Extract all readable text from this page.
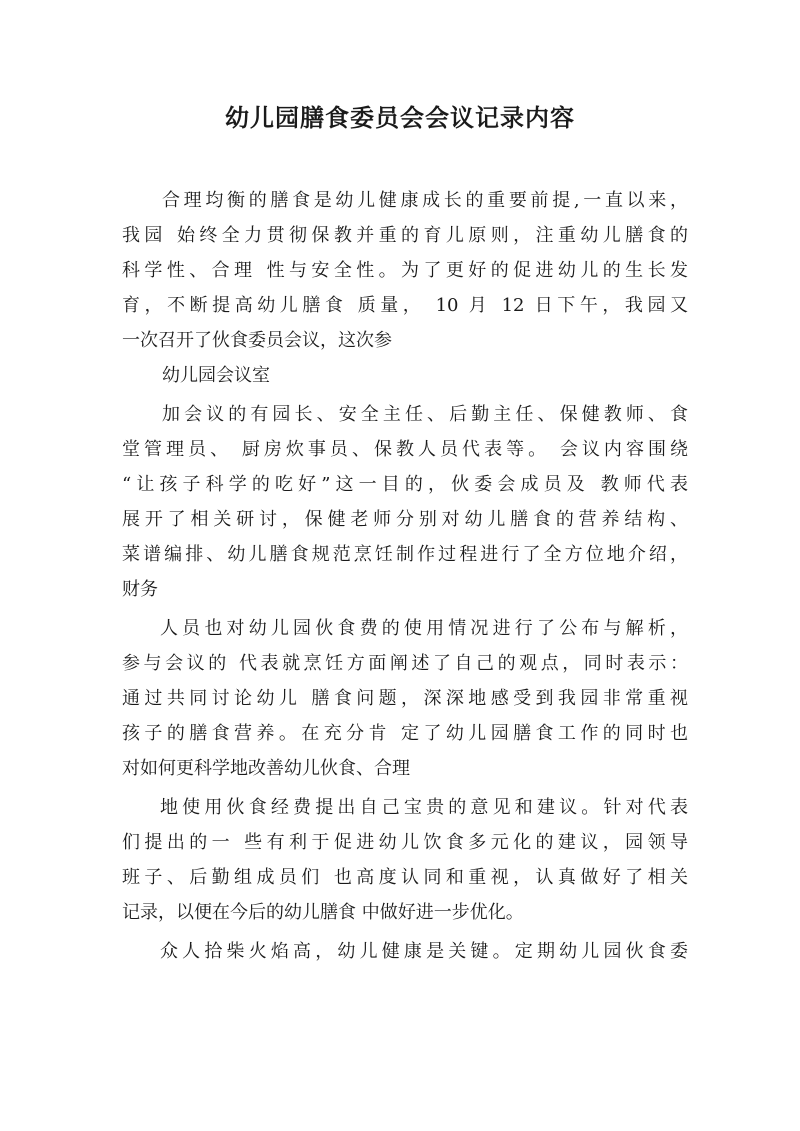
幼儿园膳食委员会会议记录内容
合理均衡的膳食是幼儿健康成长的重要前提,一直以来，
我园 始终全力贯彻保教并重的育儿原则，注重幼儿膳食的
科学性、合理 性与安全性。为了更好的促进幼儿的生长发
育，不断提高幼儿膳食 质量， 10 月 12 日下午，我园又
一次召开了伙食委员会议，这次参
幼儿园会议室
加会议的有园长、安全主任、后勤主任、保健教师、食
堂管理员、 厨房炊事员、保教人员代表等。 会议内容围绕
“让孩子科学的吃好”这一目的，伙委会成员及 教师代表
展开了相关研讨，保健老师分别对幼儿膳食的营养结构、
菜谱编排、幼儿膳食规范烹饪制作过程进行了全方位地介绍，
财务
人员也对幼儿园伙食费的使用情况进行了公布与解析，
参与会议的 代表就烹饪方面阐述了自己的观点，同时表示：
通过共同讨论幼儿 膳食问题，深深地感受到我园非常重视
孩子的膳食营养。在充分肯 定了幼儿园膳食工作的同时也
对如何更科学地改善幼儿伙食、合理
地使用伙食经费提出自己宝贵的意见和建议。针对代表
们提出的一 些有利于促进幼儿饮食多元化的建议，园领导
班子、后勤组成员们 也高度认同和重视，认真做好了相关
记录，以便在今后的幼儿膳食 中做好进一步优化。
众人拾柴火焰高，幼儿健康是关键。定期幼儿园伙食委
